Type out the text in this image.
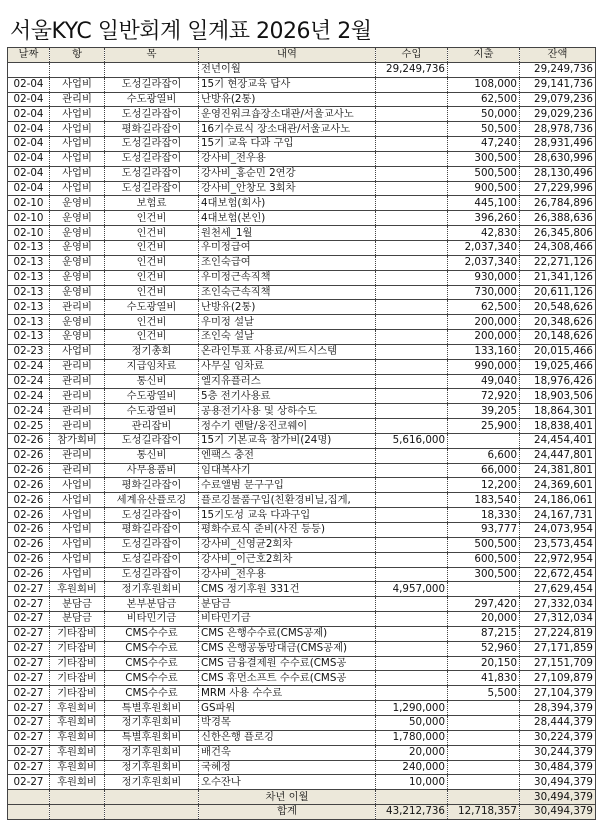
서울KYC 일반회계 일계표 2026년 2월
날짜	항	목	내역	수입	지출	잔액
			전년이월	29,249,736		29,249,736
02-04	사업비	도성길라잡이	15기 현장교육 답사		108,000	29,141,736
02-04	관리비	수도광열비	난방유(2통)		62,500	29,079,236
02-04	사업비	도성길라잡이	운영진워크숍장소대관/서울교사노		50,000	29,029,236
02-04	사업비	평화길라잡이	16기수료식 장소대관/서울교사노		50,500	28,978,736
02-04	사업비	도성길라잡이	15기 교육 다과 구입		47,240	28,931,496
02-04	사업비	도성길라잡이	강사비_전우용		300,500	28,630,996
02-04	사업비	도성길라잡이	강사비_홍순민 2연강		500,500	28,130,496
02-04	사업비	도성길라잡이	강사비_안창모 3회차		900,500	27,229,996
02-10	운영비	보험료	4대보험(회사)		445,100	26,784,896
02-10	운영비	인건비	4대보험(본인)		396,260	26,388,636
02-10	운영비	인건비	원천세_1월		42,830	26,345,806
02-13	운영비	인건비	우미정급여		2,037,340	24,308,466
02-13	운영비	인건비	조인숙급여		2,037,340	22,271,126
02-13	운영비	인건비	우미정근속직책		930,000	21,341,126
02-13	운영비	인건비	조인숙근속직책		730,000	20,611,126
02-13	관리비	수도광열비	난방유(2통)		62,500	20,548,626
02-13	운영비	인건비	우미정 설날		200,000	20,348,626
02-13	운영비	인건비	조인숙 설날		200,000	20,148,626
02-23	사업비	정기총회	온라인투표 사용료/씨드시스템		133,160	20,015,466
02-24	관리비	지급임차료	사무실 임차료		990,000	19,025,466
02-24	관리비	통신비	엘지유플러스		49,040	18,976,426
02-24	관리비	수도광열비	5층 전기사용료		72,920	18,903,506
02-24	관리비	수도광열비	공용전기사용 및 상하수도		39,205	18,864,301
02-25	관리비	관리잡비	정수기 렌탈/웅진코웨이		25,900	18,838,401
02-26	참가회비	도성길라잡이	15기 기본교육 참가비(24명)	5,616,000		24,454,401
02-26	관리비	통신비	엔팩스 충전		6,600	24,447,801
02-26	관리비	사무용품비	임대복사기		66,000	24,381,801
02-26	사업비	평화길라잡이	수료앨범 문구구입		12,200	24,369,601
02-26	사업비	세계유산플로깅	플로깅물품구입(친환경비닐,집게,		183,540	24,186,061
02-26	사업비	도성길라잡이	15기도성 교육 다과구입		18,330	24,167,731
02-26	사업비	평화길라잡이	평화수료식 준비(사진 등등)		93,777	24,073,954
02-26	사업비	도성길라잡이	강사비_신영균2회차		500,500	23,573,454
02-26	사업비	도성길라잡이	강사비_이근호2회차		600,500	22,972,954
02-26	사업비	도성길라잡이	강사비_전우용		300,500	22,672,454
02-27	후원회비	정기후원회비	CMS 정기후원 331건	4,957,000		27,629,454
02-27	분담금	본부분담금	분담금		297,420	27,332,034
02-27	분담금	비타민기금	비타민기금		20,000	27,312,034
02-27	기타잡비	CMS수수료	CMS 은행수수료(CMS공제)		87,215	27,224,819
02-27	기타잡비	CMS수수료	CMS 은행공동망대금(CMS공제)		52,960	27,171,859
02-27	기타잡비	CMS수수료	CMS 금융결제원 수수료(CMS공		20,150	27,151,709
02-27	기타잡비	CMS수수료	CMS 휴먼소프트 수수료(CMS공		41,830	27,109,879
02-27	기타잡비	CMS수수료	MRM 사용 수수료		5,500	27,104,379
02-27	후원회비	특별후원회비	GS파워	1,290,000		28,394,379
02-27	후원회비	정기후원회비	박경목	50,000		28,444,379
02-27	후원회비	특별후원회비	신한은행 플로깅	1,780,000		30,224,379
02-27	후원회비	정기후원회비	배건욱	20,000		30,244,379
02-27	후원회비	정기후원회비	국혜정	240,000		30,484,379
02-27	후원회비	정기후원회비	오수잔나	10,000		30,494,379
			차년 이월			30,494,379
			합계	43,212,736	12,718,357	30,494,379
